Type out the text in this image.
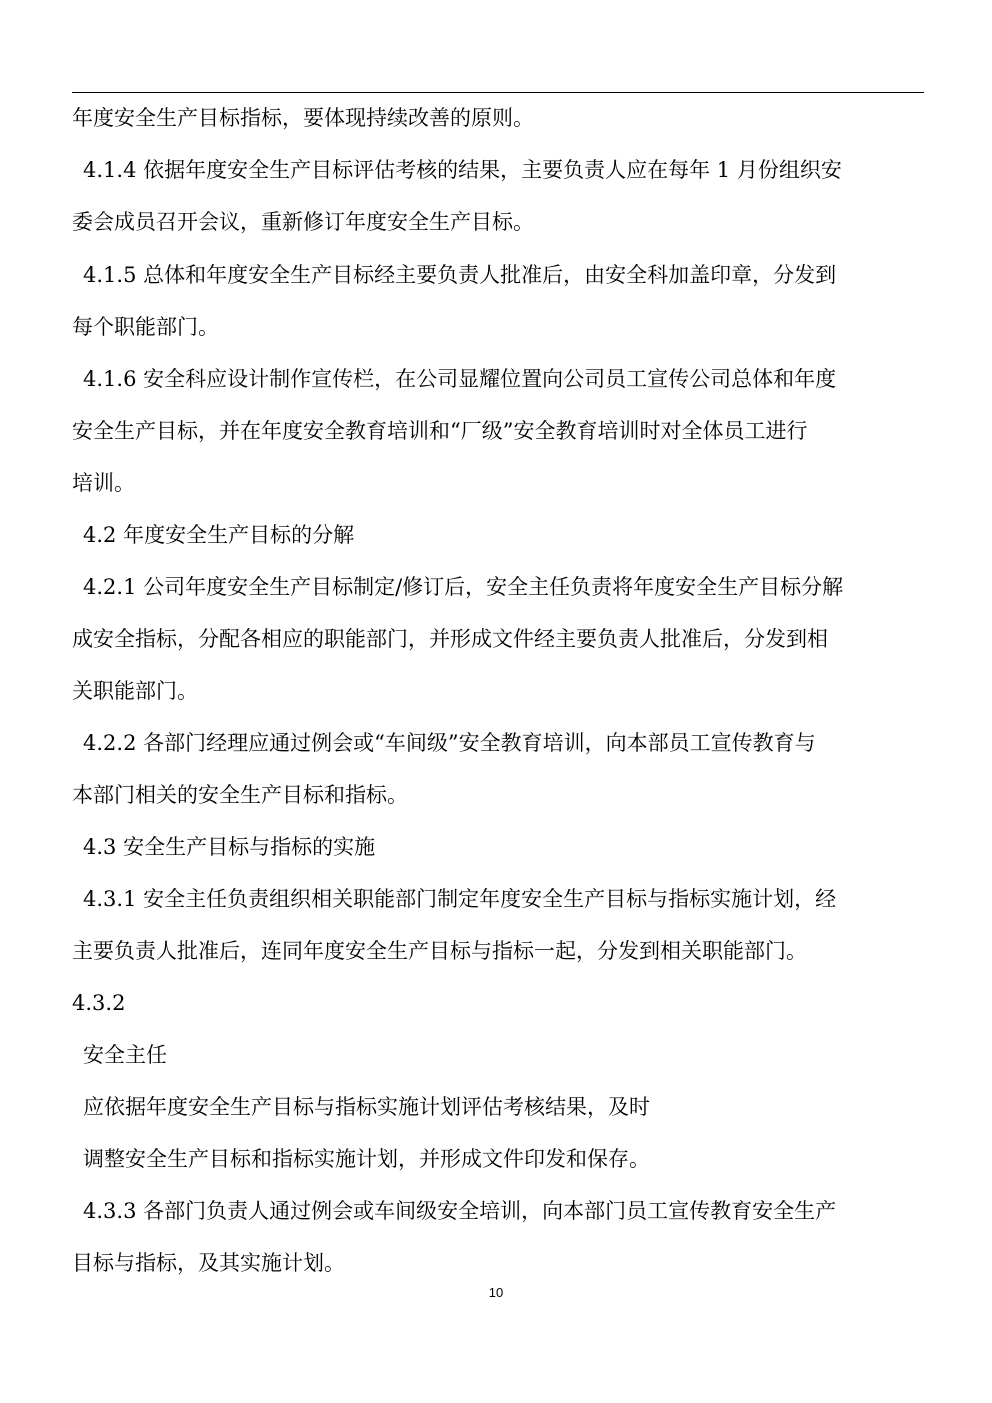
年度安全生产目标指标，要体现持续改善的原则。
4.1.4 依据年度安全生产目标评估考核的结果，主要负责人应在每年 1 月份组织安
委会成员召开会议，重新修订年度安全生产目标。
4.1.5 总体和年度安全生产目标经主要负责人批准后，由安全科加盖印章，分发到
每个职能部门。
4.1.6 安全科应设计制作宣传栏，在公司显耀位置向公司员工宣传公司总体和年度
安全生产目标，并在年度安全教育培训和“厂级”安全教育培训时对全体员工进行
培训。
4.2 年度安全生产目标的分解
4.2.1 公司年度安全生产目标制定/修订后，安全主任负责将年度安全生产目标分解
成安全指标，分配各相应的职能部门，并形成文件经主要负责人批准后，分发到相
关职能部门。
4.2.2 各部门经理应通过例会或“车间级”安全教育培训，向本部员工宣传教育与
本部门相关的安全生产目标和指标。
4.3 安全生产目标与指标的实施
4.3.1 安全主任负责组织相关职能部门制定年度安全生产目标与指标实施计划，经
主要负责人批准后，连同年度安全生产目标与指标一起，分发到相关职能部门。
4.3.2
安全主任
应依据年度安全生产目标与指标实施计划评估考核结果，及时
调整安全生产目标和指标实施计划，并形成文件印发和保存。
4.3.3 各部门负责人通过例会或车间级安全培训，向本部门员工宣传教育安全生产
目标与指标，及其实施计划。
10
